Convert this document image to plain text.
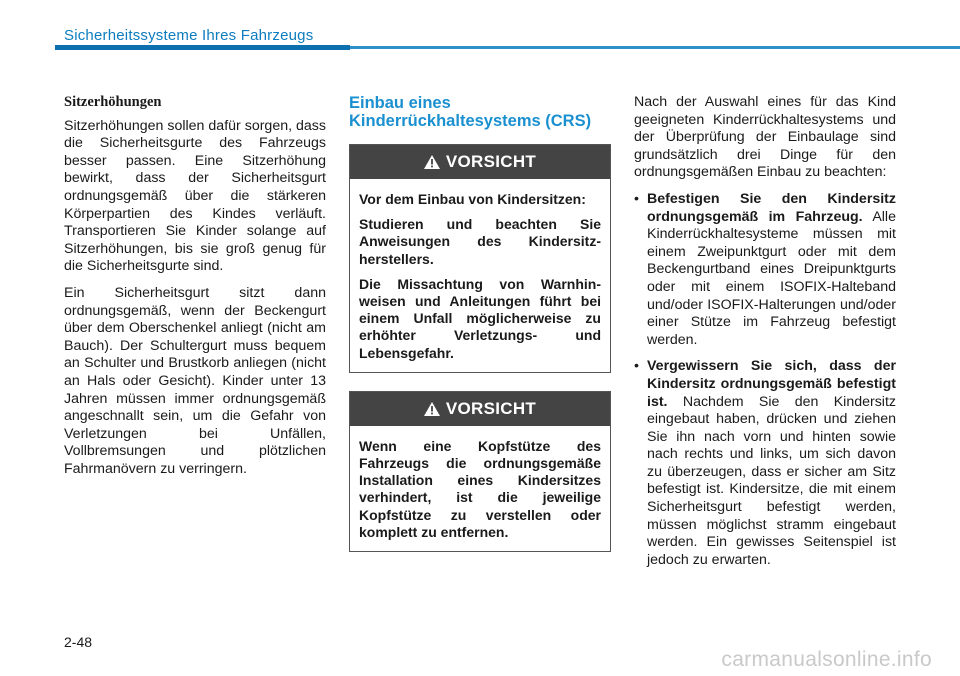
Sicherheitssysteme Ihres Fahrzeugs
Sitzerhöhungen

Sitzerhöhungen sollen dafür sorgen, dass die Sicherheitsgurte des Fahrzeugs besser passen. Eine Sitzerhöhung bewirkt, dass der Sicherheitsgurt ordnungsgemäß über die stärkeren Körperpartien des Kindes verläuft. Transportieren Sie Kinder solange auf Sitzerhöhungen, bis sie groß genug für die Sicherheitsgurte sind.

Ein Sicherheitsgurt sitzt dann ordnungsgemäß, wenn der Beckengurt über dem Oberschenkel anliegt (nicht am Bauch). Der Schultergurt muss bequem an Schulter und Brustkorb anliegen (nicht an Hals oder Gesicht). Kinder unter 13 Jahren müssen immer ordnungsgemäß angeschnallt sein, um die Gefahr von Verletzungen bei Unfällen, Vollbremsungen und plötzlichen Fahrmanövern zu verringern.

Einbau eines Kinderrückhaltesystems (CRS)
VORSICHT

Vor dem Einbau von Kindersitzen:

Studieren und beachten Sie Anweisungen des Kindersitzherstellers.

Die Missachtung von Warnhinweisen und Anleitungen führt bei einem Unfall möglicherweise zu erhöhter Verletzungs- und Lebensgefahr.

VORSICHT

Wenn eine Kopfstütze des Fahrzeugs die ordnungsgemäße Installation eines Kindersitzes verhindert, ist die jeweilige Kopfstütze zu verstellen oder komplett zu entfernen.

Nach der Auswahl eines für das Kind geeigneten Kinderrückhaltesystems und der Überprüfung der Einbaulage sind grundsätzlich drei Dinge für den ordnungsgemäßen Einbau zu beachten:

• Befestigen Sie den Kindersitz ordnungsgemäß im Fahrzeug. Alle Kinderrückhaltesysteme müssen mit einem Zweipunktgurt oder mit dem Beckengurtband eines Dreipunktgurts oder mit einem ISOFIX-Halteband und/oder ISOFIX-Halterungen und/oder einer Stütze im Fahrzeug befestigt werden.
• Vergewissern Sie sich, dass der Kindersitz ordnungsgemäß befestigt ist. Nachdem Sie den Kindersitz eingebaut haben, drücken und ziehen Sie ihn nach vorn und hinten sowie nach rechts und links, um sich davon zu überzeugen, dass er sicher am Sitz befestigt ist. Kindersitze, die mit einem Sicherheitsgurt befestigt werden, müssen möglichst stramm eingebaut werden. Ein gewisses Seitenspiel ist jedoch zu erwarten.
2-48
carmanualsonline.info
